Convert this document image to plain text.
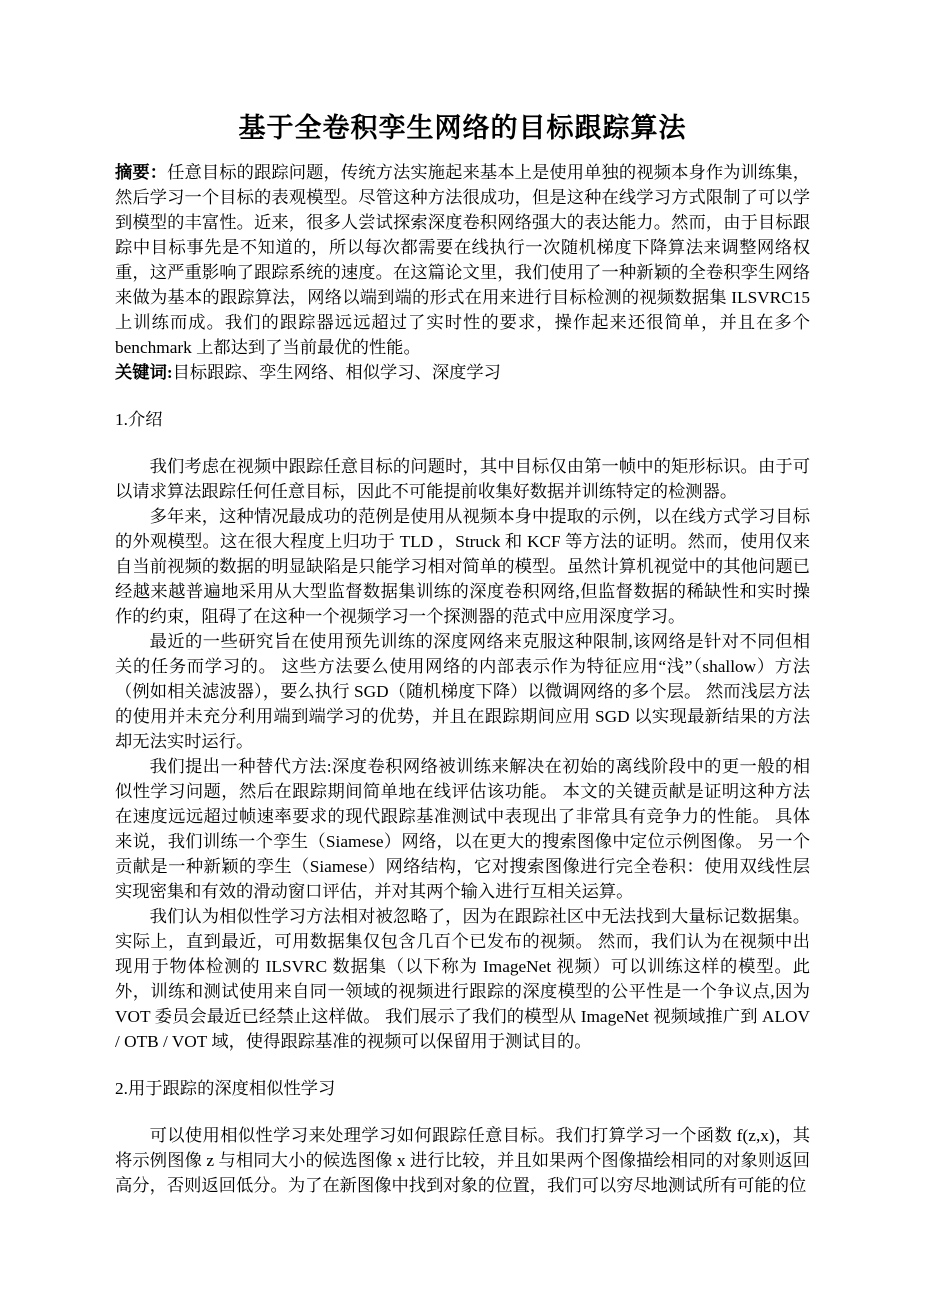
基于全卷积孪生网络的目标跟踪算法

摘要：任意目标的跟踪问题，传统方法实施起来基本上是使用单独的视频本身作为训练集，然后学习一个目标的表观模型。尽管这种方法很成功，但是这种在线学习方式限制了可以学到模型的丰富性。近来，很多人尝试探索深度卷积网络强大的表达能力。然而，由于目标跟踪中目标事先是不知道的，所以每次都需要在线执行一次随机梯度下降算法来调整网络权重，这严重影响了跟踪系统的速度。在这篇论文里，我们使用了一种新颖的全卷积孪生网络来做为基本的跟踪算法，网络以端到端的形式在用来进行目标检测的视频数据集 ILSVRC15 上训练而成。我们的跟踪器远远超过了实时性的要求，操作起来还很简单，并且在多个 benchmark 上都达到了当前最优的性能。

关键词:目标跟踪、孪生网络、相似学习、深度学习

1.介绍

我们考虑在视频中跟踪任意目标的问题时，其中目标仅由第一帧中的矩形标识。由于可以请求算法跟踪任何任意目标，因此不可能提前收集好数据并训练特定的检测器。

多年来，这种情况最成功的范例是使用从视频本身中提取的示例，以在线方式学习目标的外观模型。这在很大程度上归功于 TLD ，Struck 和 KCF 等方法的证明。然而，使用仅来自当前视频的数据的明显缺陷是只能学习相对简单的模型。虽然计算机视觉中的其他问题已经越来越普遍地采用从大型监督数据集训练的深度卷积网络,但监督数据的稀缺性和实时操作的约束，阻碍了在这种一个视频学习一个探测器的范式中应用深度学习。

最近的一些研究旨在使用预先训练的深度网络来克服这种限制,该网络是针对不同但相关的任务而学习的。 这些方法要么使用网络的内部表示作为特征应用“浅”（shallow）方法（例如相关滤波器），要么执行 SGD（随机梯度下降）以微调网络的多个层。 然而浅层方法的使用并未充分利用端到端学习的优势，并且在跟踪期间应用 SGD 以实现最新结果的方法却无法实时运行。

我们提出一种替代方法:深度卷积网络被训练来解决在初始的离线阶段中的更一般的相似性学习问题，然后在跟踪期间简单地在线评估该功能。 本文的关键贡献是证明这种方法在速度远远超过帧速率要求的现代跟踪基准测试中表现出了非常具有竞争力的性能。 具体来说，我们训练一个孪生（Siamese）网络，以在更大的搜索图像中定位示例图像。 另一个贡献是一种新颖的孪生（Siamese）网络结构，它对搜索图像进行完全卷积：使用双线性层实现密集和有效的滑动窗口评估，并对其两个输入进行互相关运算。

我们认为相似性学习方法相对被忽略了，因为在跟踪社区中无法找到大量标记数据集。实际上，直到最近，可用数据集仅包含几百个已发布的视频。 然而，我们认为在视频中出现用于物体检测的 ILSVRC 数据集（以下称为 ImageNet 视频）可以训练这样的模型。此外，训练和测试使用来自同一领域的视频进行跟踪的深度模型的公平性是一个争议点,因为 VOT 委员会最近已经禁止这样做。 我们展示了我们的模型从 ImageNet 视频域推广到 ALOV / OTB / VOT 域，使得跟踪基准的视频可以保留用于测试目的。

2.用于跟踪的深度相似性学习

可以使用相似性学习来处理学习如何跟踪任意目标。我们打算学习一个函数 f(z,x)，其将示例图像 z 与相同大小的候选图像 x 进行比较，并且如果两个图像描绘相同的对象则返回高分，否则返回低分。为了在新图像中找到对象的位置，我们可以穷尽地测试所有可能的位
